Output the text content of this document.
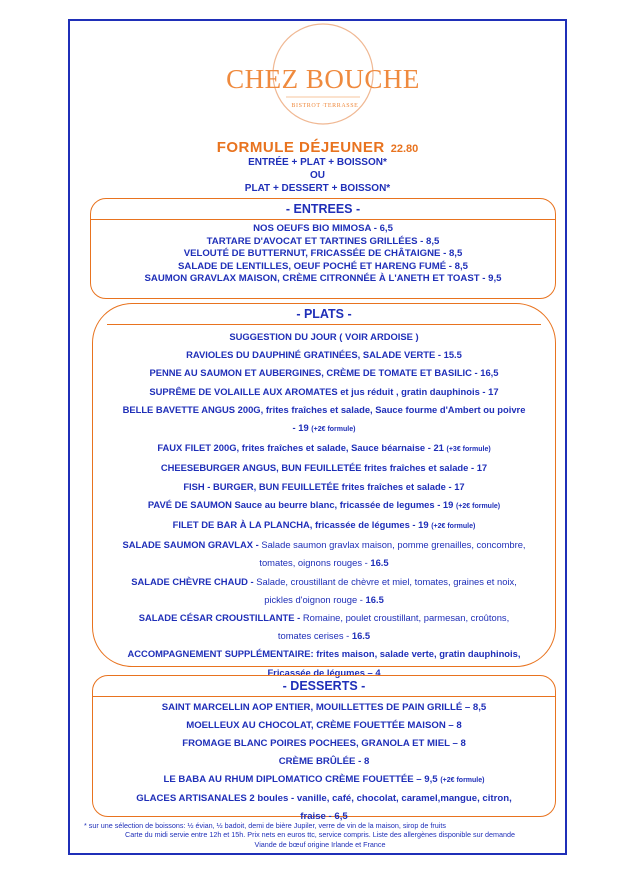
CHEZ BOUCHE
BISTROT · TERRASSE
FORMULE DÉJEUNER 22.80
ENTRÉE + PLAT + BOISSON*
OU
PLAT + DESSERT + BOISSON*
- ENTREES -
NOS OEUFS BIO MIMOSA - 6,5
TARTARE D'AVOCAT ET TARTINES GRILLÉES - 8,5
VELOUTÉ DE BUTTERNUT, FRICASSÉE DE CHÂTAIGNE - 8,5
SALADE DE LENTILLES, OEUF POCHÉ ET HARENG FUMÉ - 8,5
SAUMON GRAVLAX MAISON, CRÈME CITRONNÉE À L'ANETH ET TOAST - 9,5
- PLATS -
SUGGESTION DU JOUR ( VOIR ARDOISE )
RAVIOLES DU DAUPHINÉ GRATINÉES, SALADE VERTE - 15.5
PENNE AU SAUMON ET AUBERGINES, CRÈME DE TOMATE ET BASILIC - 16,5
SUPRÊME DE VOLAILLE AUX AROMATES et jus réduit , gratin dauphinois - 17
BELLE BAVETTE ANGUS 200G, frites fraîches et salade, Sauce fourme d'Ambert ou poivre
- 19 (+2€ formule)
FAUX FILET 200G, frites fraîches et salade, Sauce béarnaise - 21 (+3€ formule)
CHEESEBURGER ANGUS, BUN FEUILLETÉE frites fraîches et salade - 17
FISH - BURGER, BUN FEUILLETÉE frites fraîches et salade - 17
PAVÉ DE SAUMON Sauce au beurre blanc, fricassée de legumes - 19 (+2€ formule)
FILET DE BAR À LA PLANCHA, fricassée de légumes - 19 (+2€ formule)
SALADE SAUMON GRAVLAX - Salade saumon gravlax maison, pomme grenailles, concombre,
tomates, oignons rouges - 16.5
SALADE CHÈVRE CHAUD - Salade, croustillant de chèvre et miel, tomates, graines et noix,
pickles d'oignon rouge - 16.5
SALADE CÉSAR CROUSTILLANTE - Romaine, poulet croustillant, parmesan, croûtons,
tomates cerises - 16.5
ACCOMPAGNEMENT SUPPLÉMENTAIRE: frites maison, salade verte, gratin dauphinois,
Fricassée de légumes – 4
- DESSERTS -
SAINT MARCELLIN AOP ENTIER, MOUILLETTES DE PAIN GRILLÉ – 8,5
MOELLEUX AU CHOCOLAT, CRÈME FOUETTÉE MAISON – 8
FROMAGE BLANC POIRES POCHEES, GRANOLA ET MIEL – 8
CRÈME BRÛLÉE - 8
LE BABA AU RHUM DIPLOMATICO CRÈME FOUETTÉE – 9,5 (+2€ formule)
GLACES ARTISANALES 2 boules - vanille, café, chocolat, caramel,mangue, citron,
fraise - 6,5
* sur une sélection de boissons: ½ évian, ½ badoit, demi de bière Jupiler, verre de vin de la maison, sirop de fruits
Carte du midi servie entre 12h et 15h. Prix nets en euros ttc, service compris. Liste des allergènes disponible sur demande
Viande de bœuf origine Irlande et France
